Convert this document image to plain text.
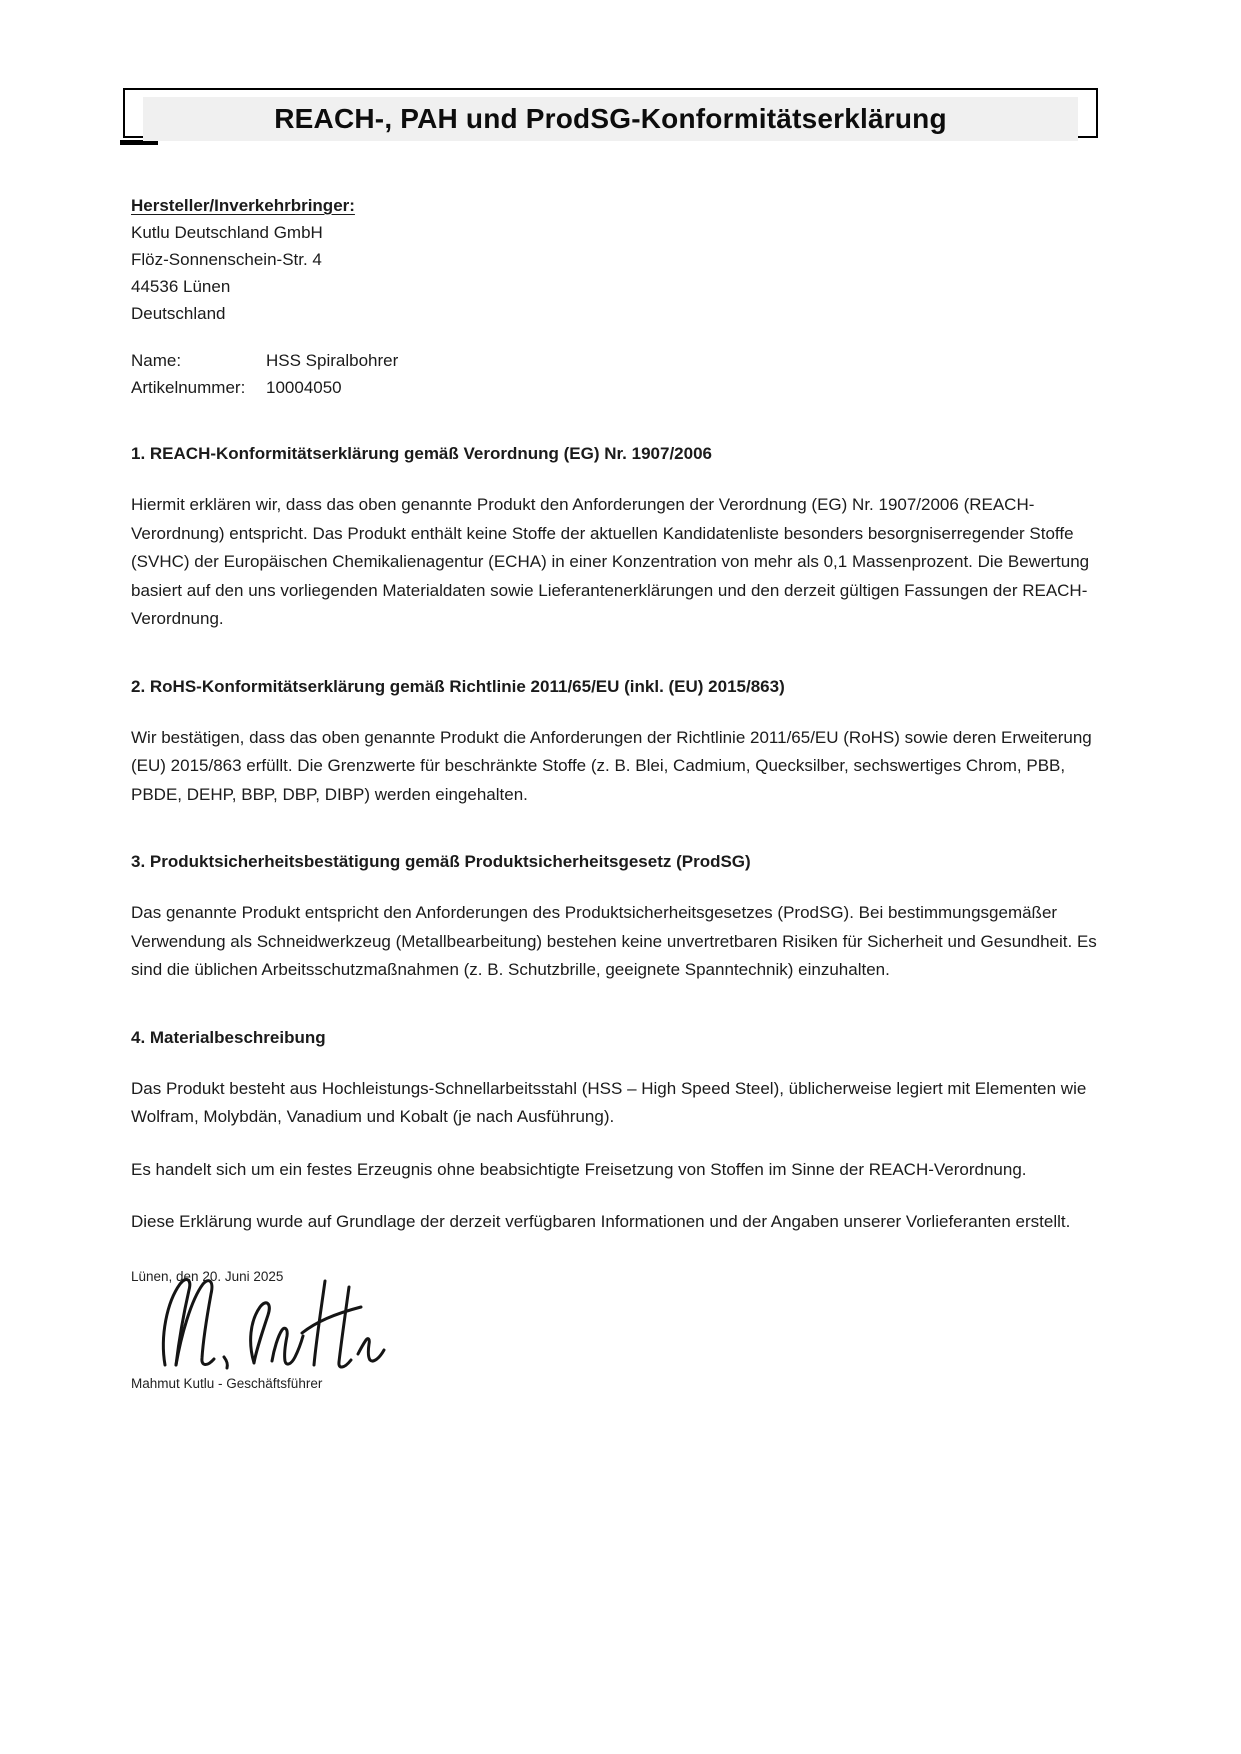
REACH-, PAH und ProdSG-Konformitätserklärung
Hersteller/Inverkehrbringer:
Kutlu Deutschland GmbH
Flöz-Sonnenschein-Str. 4
44536 Lünen
Deutschland
Name:	HSS Spiralbohrer
Artikelnummer:	10004050
1. REACH-Konformitätserklärung gemäß Verordnung (EG) Nr. 1907/2006

Hiermit erklären wir, dass das oben genannte Produkt den Anforderungen der Verordnung (EG) Nr. 1907/2006 (REACH-Verordnung) entspricht. Das Produkt enthält keine Stoffe der aktuellen Kandidatenliste besonders besorgniserregender Stoffe (SVHC) der Europäischen Chemikalienagentur (ECHA) in einer Konzentration von mehr als 0,1 Massenprozent. Die Bewertung basiert auf den uns vorliegenden Materialdaten sowie Lieferantenerklärungen und den derzeit gültigen Fassungen der REACH-Verordnung.

2. RoHS-Konformitätserklärung gemäß Richtlinie 2011/65/EU (inkl. (EU) 2015/863)

Wir bestätigen, dass das oben genannte Produkt die Anforderungen der Richtlinie 2011/65/EU (RoHS) sowie deren Erweiterung (EU) 2015/863 erfüllt. Die Grenzwerte für beschränkte Stoffe (z. B. Blei, Cadmium, Quecksilber, sechswertiges Chrom, PBB, PBDE, DEHP, BBP, DBP, DIBP) werden eingehalten.

3. Produktsicherheitsbestätigung gemäß Produktsicherheitsgesetz (ProdSG)

Das genannte Produkt entspricht den Anforderungen des Produktsicherheitsgesetzes (ProdSG). Bei bestimmungsgemäßer Verwendung als Schneidwerkzeug (Metallbearbeitung) bestehen keine unvertretbaren Risiken für Sicherheit und Gesundheit. Es sind die üblichen Arbeitsschutzmaßnahmen (z. B. Schutzbrille, geeignete Spanntechnik) einzuhalten.

4. Materialbeschreibung

Das Produkt besteht aus Hochleistungs-Schnellarbeitsstahl (HSS – High Speed Steel), üblicherweise legiert mit Elementen wie Wolfram, Molybdän, Vanadium und Kobalt (je nach Ausführung).

Es handelt sich um ein festes Erzeugnis ohne beabsichtigte Freisetzung von Stoffen im Sinne der REACH-Verordnung.

Diese Erklärung wurde auf Grundlage der derzeit verfügbaren Informationen und der Angaben unserer Vorlieferanten erstellt.

Lünen, den 20. Juni 2025
Mahmut Kutlu - Geschäftsführer
